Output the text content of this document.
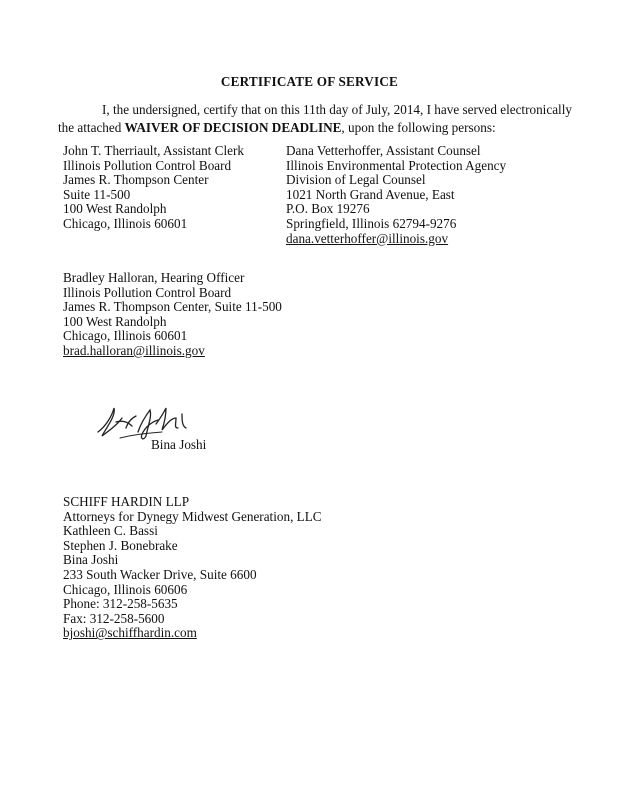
CERTIFICATE OF SERVICE
I, the undersigned, certify that on this 11th day of July, 2014, I have served electronically the attached WAIVER OF DECISION DEADLINE, upon the following persons:
John T. Therriault, Assistant Clerk
Illinois Pollution Control Board
James R. Thompson Center
Suite 11-500
100 West Randolph
Chicago, Illinois 60601
Dana Vetterhoffer, Assistant Counsel
Illinois Environmental Protection Agency
Division of Legal Counsel
1021 North Grand Avenue, East
P.O. Box 19276
Springfield, Illinois 62794-9276
dana.vetterhoffer@illinois.gov
Bradley Halloran, Hearing Officer
Illinois Pollution Control Board
James R. Thompson Center, Suite 11-500
100 West Randolph
Chicago, Illinois 60601
brad.halloran@illinois.gov
Bina Joshi
SCHIFF HARDIN LLP
Attorneys for Dynegy Midwest Generation, LLC
Kathleen C. Bassi
Stephen J. Bonebrake
Bina Joshi
233 South Wacker Drive, Suite 6600
Chicago, Illinois 60606
Phone: 312-258-5635
Fax: 312-258-5600
bjoshi@schiffhardin.com
